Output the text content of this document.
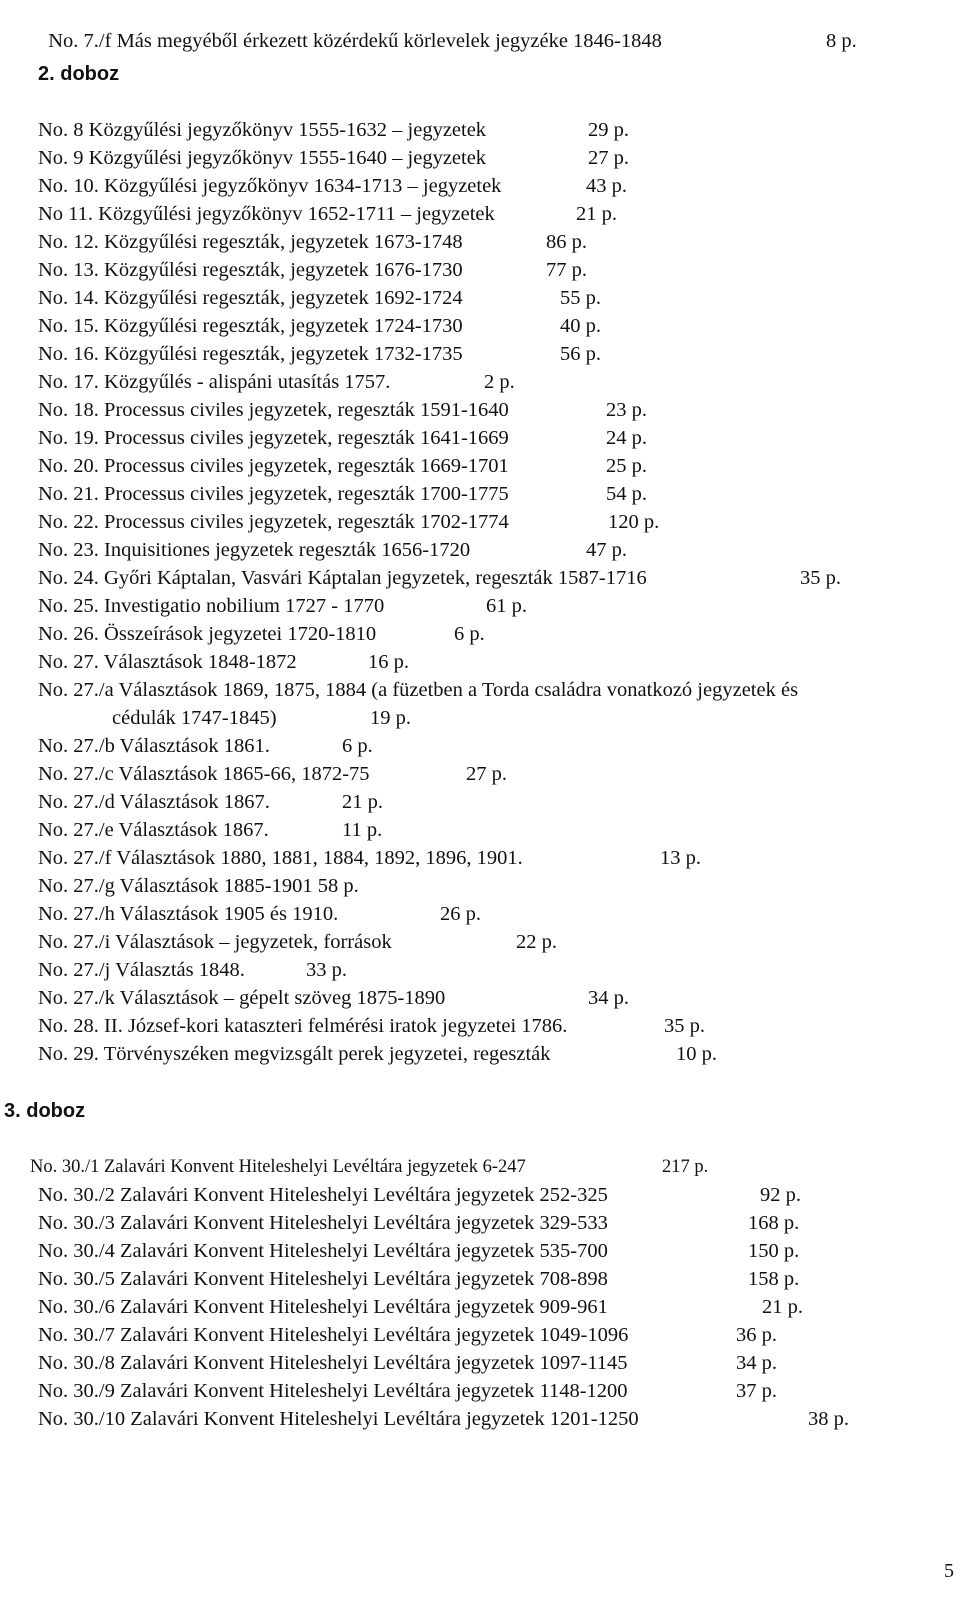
No. 7./f Más megyéből érkezett közérdekű körlevelek jegyzéke 1846-1848	8 p.

2. doboz
No. 8 Közgyűlési jegyzőkönyv 1555-1632 – jegyzetek	29 p.
No. 9 Közgyűlési jegyzőkönyv 1555-1640 – jegyzetek	27 p.
No. 10. Közgyűlési jegyzőkönyv 1634-1713 – jegyzetek	43 p.
No 11. Közgyűlési jegyzőkönyv 1652-1711 – jegyzetek	21 p.
No. 12. Közgyűlési regeszták, jegyzetek 1673-1748	86 p.
No. 13. Közgyűlési regeszták, jegyzetek 1676-1730	77 p.
No. 14. Közgyűlési regeszták, jegyzetek 1692-1724	55 p.
No. 15. Közgyűlési regeszták, jegyzetek 1724-1730	40 p.
No. 16. Közgyűlési regeszták, jegyzetek 1732-1735	56 p.
No. 17. Közgyűlés - alispáni utasítás 1757.	2 p.
No. 18. Processus civiles jegyzetek, regeszták 1591-1640	23 p.
No. 19. Processus civiles jegyzetek, regeszták 1641-1669	24 p.
No. 20. Processus civiles jegyzetek, regeszták 1669-1701	25 p.
No. 21. Processus civiles jegyzetek, regeszták 1700-1775	54 p.
No. 22. Processus civiles jegyzetek, regeszták 1702-1774	120 p.
No. 23. Inquisitiones jegyzetek regeszták 1656-1720	47 p.
No. 24. Győri Káptalan, Vasvári Káptalan jegyzetek, regeszták 1587-1716	35 p.
No. 25. Investigatio nobilium 1727 - 1770	61 p.
No. 26. Összeírások jegyzetei 1720-1810	6 p.
No. 27. Választások 1848-1872	16 p.
No. 27./a Választások 1869, 1875, 1884 (a füzetben a Torda családra vonatkozó jegyzetek és
cédulák 1747-1845)	19 p.
No. 27./b Választások 1861.	6 p.
No. 27./c Választások 1865-66, 1872-75	27 p.
No. 27./d Választások 1867.	21 p.
No. 27./e Választások 1867.	11 p.
No. 27./f Választások 1880, 1881, 1884, 1892, 1896, 1901.	13 p.
No. 27./g Választások 1885-1901 58 p.
No. 27./h Választások 1905 és 1910.	26 p.
No. 27./i Választások – jegyzetek, források	22 p.
No. 27./j Választás 1848.	33 p.
No. 27./k Választások – gépelt szöveg 1875-1890	34 p.
No. 28. II. József-kori kataszteri felmérési iratok jegyzetei 1786.	35 p.
No. 29. Törvényszéken megvizsgált perek jegyzetei, regeszták	10 p.
3. doboz
No. 30./1 Zalavári Konvent Hiteleshelyi Levéltára jegyzetek 6-247	217 p.
No. 30./2 Zalavári Konvent Hiteleshelyi Levéltára jegyzetek 252-325	92 p.
No. 30./3 Zalavári Konvent Hiteleshelyi Levéltára jegyzetek 329-533	168 p.
No. 30./4 Zalavári Konvent Hiteleshelyi Levéltára jegyzetek 535-700	150 p.
No. 30./5 Zalavári Konvent Hiteleshelyi Levéltára jegyzetek 708-898	158 p.
No. 30./6 Zalavári Konvent Hiteleshelyi Levéltára jegyzetek 909-961	21 p.
No. 30./7 Zalavári Konvent Hiteleshelyi Levéltára jegyzetek 1049-1096	36 p.
No. 30./8 Zalavári Konvent Hiteleshelyi Levéltára jegyzetek 1097-1145	34 p.
No. 30./9 Zalavári Konvent Hiteleshelyi Levéltára jegyzetek 1148-1200	37 p.
No. 30./10 Zalavári Konvent Hiteleshelyi Levéltára jegyzetek 1201-1250	38 p.
5
